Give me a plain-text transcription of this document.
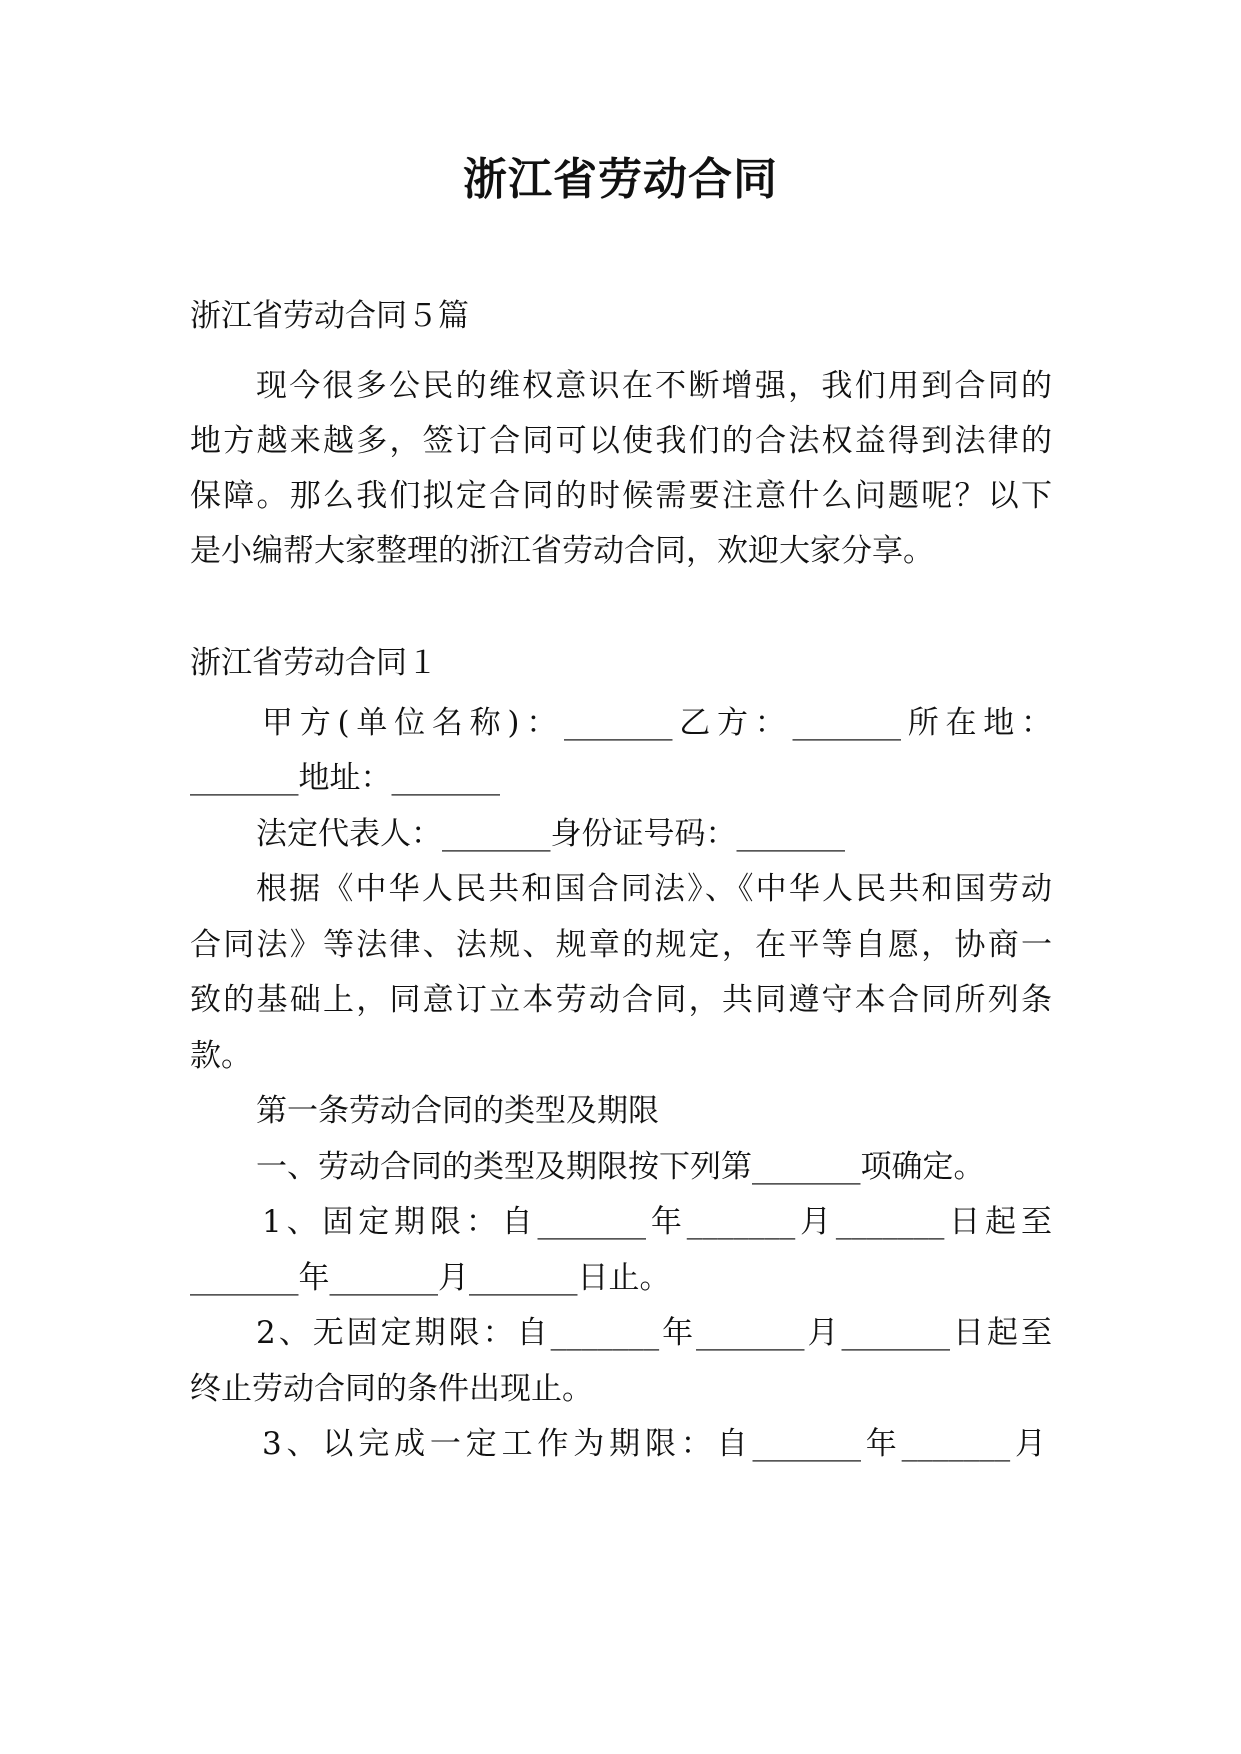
浙江省劳动合同
浙江省劳动合同５篇
现今很多公民的维权意识在不断增强，我们用到合同的
地方越来越多，签订合同可以使我们的合法权益得到法律的
保障。那么我们拟定合同的时候需要注意什么问题呢？以下
是小编帮大家整理的浙江省劳动合同，欢迎大家分享。
浙江省劳动合同１
甲方(单位名称)：_______乙方：_______所在地：
_______地址：_______
法定代表人：_______身份证号码：_______
根据《中华人民共和国合同法》、《中华人民共和国劳动
合同法》等法律、法规、规章的规定，在平等自愿，协商一
致的基础上，同意订立本劳动合同，共同遵守本合同所列条
款。
第一条劳动合同的类型及期限
一、劳动合同的类型及期限按下列第_______项确定。
1、固定期限：自_______年_______月_______日起至
_______年_______月_______日止。
2、无固定期限：自_______年_______月_______日起至
终止劳动合同的条件出现止。
3、以完成一定工作为期限：自_______年_______月
